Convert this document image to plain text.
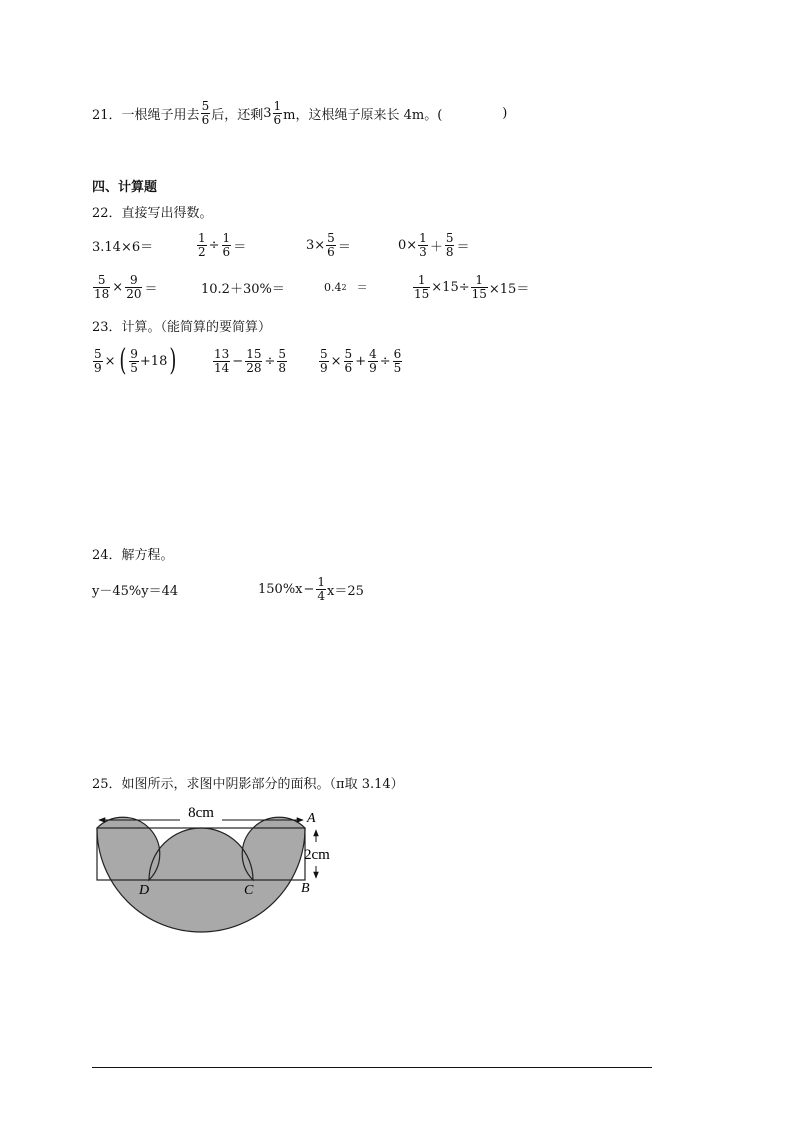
21． 一根绳子用去 $\frac{5}{6}$ 后，还剩 $3 \frac{1}{6}$ m，这根绳子原来长 4m。(	)
四、计算题
22．直接写出得数。
3.14×6＝	$\frac{1}{2} \div \frac{1}{6}$ ＝	$3\times \frac{5}{6}$ ＝	$0\times \frac{1}{3} + \frac{5}{8}$ ＝
$\frac{5}{18} \times \frac{9}{20}$ ＝	10.2＋30%＝	0.4 2 ＝	$\frac{1}{15} \times 15\div \frac{1}{15} \times 15=$
23．计算。（能简算的要简算）
$\frac{5}{9}$ × ( $\frac{9}{5} +18$ )	$\frac{13}{14} - \frac{15}{28} \div \frac{5}{8}$	$\frac{5}{9} \times \frac{5}{6} + \frac{4}{9} \div \frac{6}{5}$
24．解方程。
y－45%y＝44	$150\%x - \frac{1}{4} x=25$
25．如图所示，求图中阴影部分的面积。（π取 3.14）
8cm
2cm
A
B
C
D
